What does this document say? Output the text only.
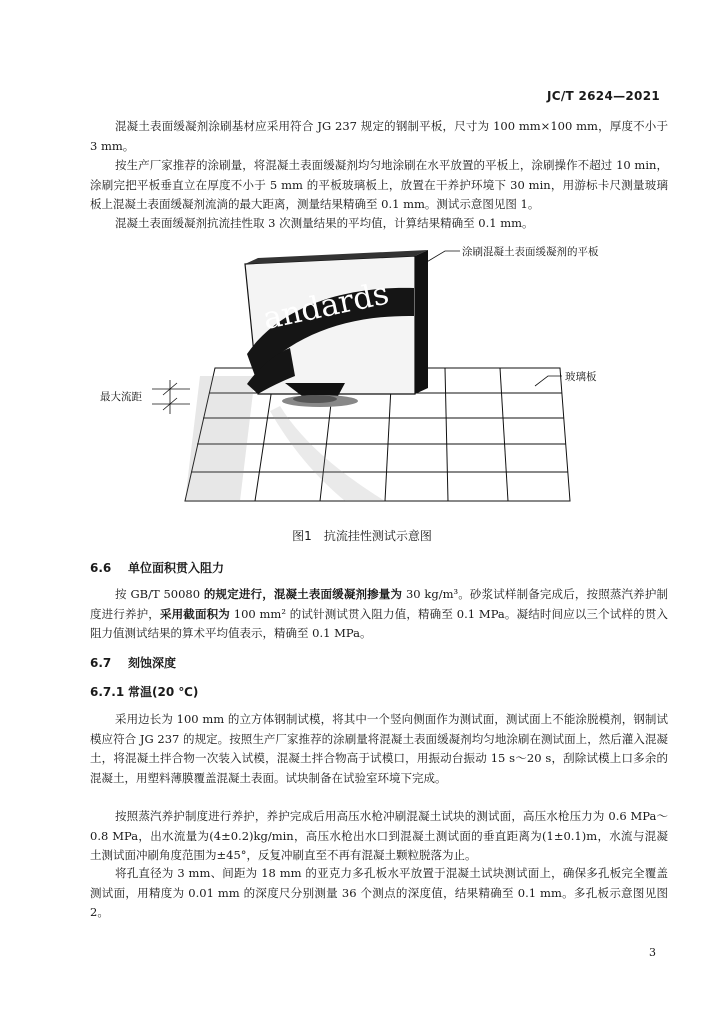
JC/T 2624—2021

混凝土表面缓凝剂涂刷基材应采用符合 JG 237 规定的钢制平板，尺寸为 100 mm×100 mm，厚度不小于 3 mm。

按生产厂家推荐的涂刷量，将混凝土表面缓凝剂均匀地涂刷在水平放置的平板上，涂刷操作不超过 10 min，涂刷完把平板垂直立在厚度不小于 5 mm 的平板玻璃板上，放置在干养护环境下 30 min，用游标卡尺测量玻璃板上混凝土表面缓凝剂流淌的最大距离，测量结果精确至 0.1 mm。测试示意图见图 1。

混凝土表面缓凝剂抗流挂性取 3 次测量结果的平均值，计算结果精确至 0.1 mm。

andards
涂刷混凝土表面缓凝剂的平板
玻璃板
最大流距
图1 抗流挂性测试示意图
6.6 单位面积贯入阻力

按 GB/T 50080 的规定进行，混凝土表面缓凝剂掺量为 30 kg/m³。砂浆试样制备完成后，按照蒸汽养护制度进行养护，采用截面积为 100 mm² 的试针测试贯入阻力值，精确至 0.1 MPa。凝结时间应以三个试样的贯入阻力值测试结果的算术平均值表示，精确至 0.1 MPa。

6.7 刻蚀深度
6.7.1 常温(20 ℃)

采用边长为 100 mm 的立方体钢制试模，将其中一个竖向侧面作为测试面，测试面上不能涂脱模剂，钢制试模应符合 JG 237 的规定。按照生产厂家推荐的涂刷量将混凝土表面缓凝剂均匀地涂刷在测试面上，然后灌入混凝土，将混凝土拌合物一次装入试模，混凝土拌合物高于试模口，用振动台振动 15 s～20 s，刮除试模上口多余的混凝土，用塑料薄膜覆盖混凝土表面。试块制备在试验室环境下完成。

按照蒸汽养护制度进行养护，养护完成后用高压水枪冲刷混凝土试块的测试面，高压水枪压力为 0.6 MPa～0.8 MPa，出水流量为(4±0.2)kg/min，高压水枪出水口到混凝土测试面的垂直距离为(1±0.1)m，水流与混凝土测试面冲刷角度范围为±45°，反复冲刷直至不再有混凝土颗粒脱落为止。

将孔直径为 3 mm、间距为 18 mm 的亚克力多孔板水平放置于混凝土试块测试面上，确保多孔板完全覆盖测试面，用精度为 0.01 mm 的深度尺分别测量 36 个测点的深度值，结果精确至 0.1 mm。多孔板示意图见图 2。

3
